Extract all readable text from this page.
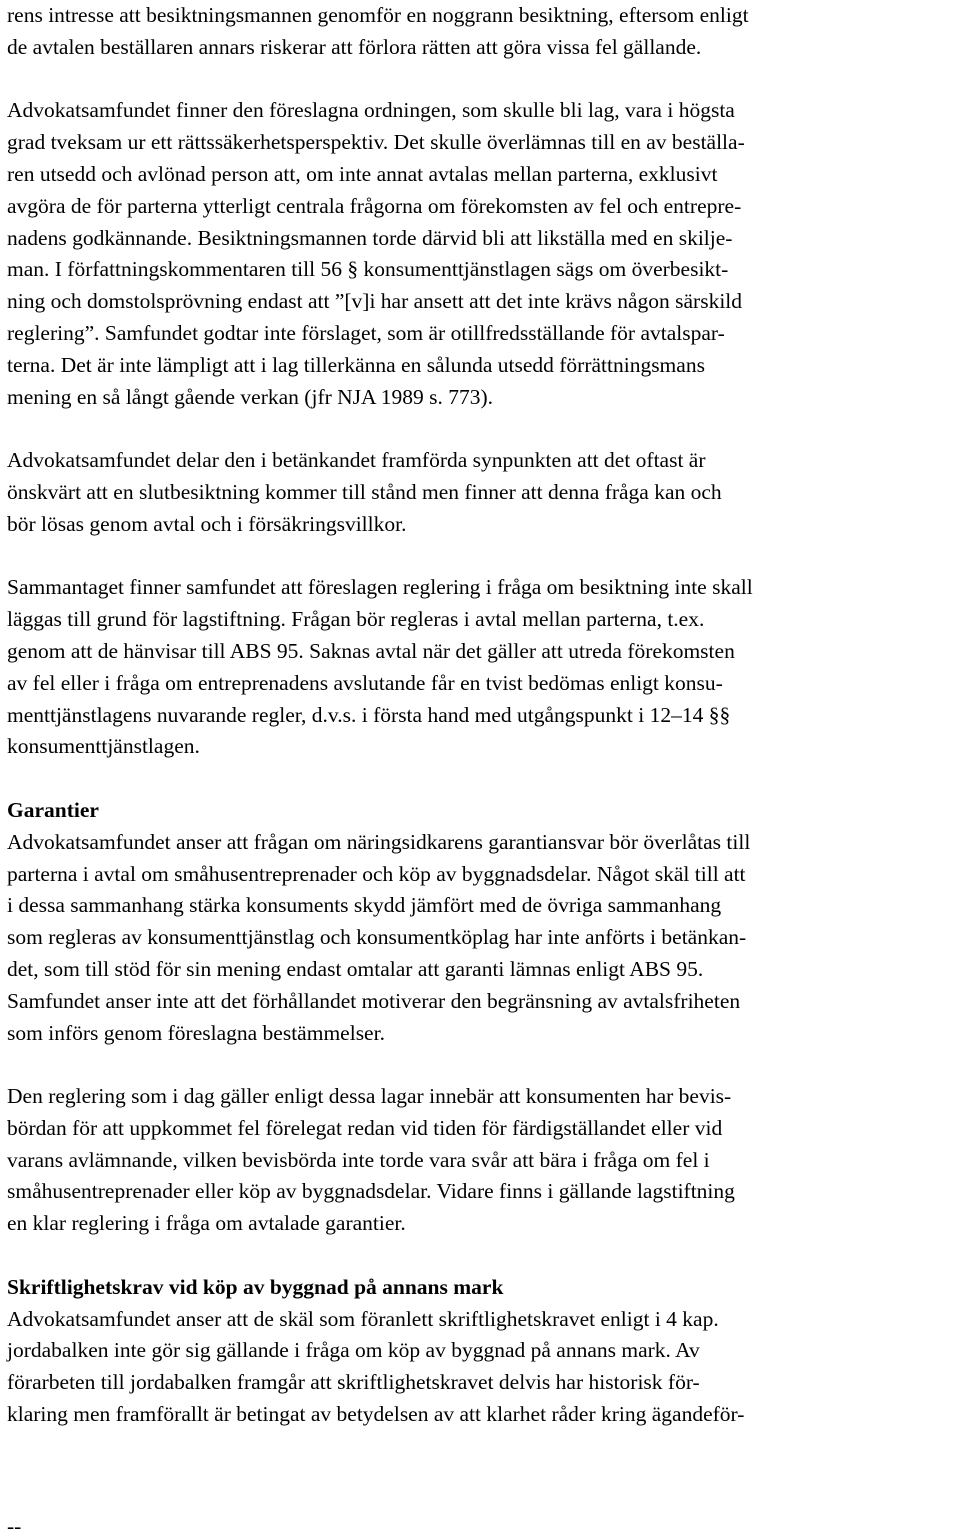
rens intresse att besiktningsmannen genomför en noggrann besiktning, eftersom enligt
de avtalen beställaren annars riskerar att förlora rätten att göra vissa fel gällande.
Advokatsamfundet finner den föreslagna ordningen, som skulle bli lag, vara i högsta
grad tveksam ur ett rättssäkerhetsperspektiv. Det skulle överlämnas till en av beställa-
ren utsedd och avlönad person att, om inte annat avtalas mellan parterna, exklusivt
avgöra de för parterna ytterligt centrala frågorna om förekomsten av fel och entrepre-
nadens godkännande. Besiktningsmannen torde därvid bli att likställa med en skilje-
man. I författningskommentaren till 56 § konsumenttjänstlagen sägs om överbesikt-
ning och domstolsprövning endast att ”[v]i har ansett att det inte krävs någon särskild
reglering”. Samfundet godtar inte förslaget, som är otillfredsställande för avtalspar-
terna. Det är inte lämpligt att i lag tillerkänna en sålunda utsedd förrättningsmans
mening en så långt gående verkan (jfr NJA 1989 s. 773).
Advokatsamfundet delar den i betänkandet framförda synpunkten att det oftast är
önskvärt att en slutbesiktning kommer till stånd men finner att denna fråga kan och
bör lösas genom avtal och i försäkringsvillkor.
Sammantaget finner samfundet att föreslagen reglering i fråga om besiktning inte skall
läggas till grund för lagstiftning. Frågan bör regleras i avtal mellan parterna, t.ex.
genom att de hänvisar till ABS 95. Saknas avtal när det gäller att utreda förekomsten
av fel eller i fråga om entreprenadens avslutande får en tvist bedömas enligt konsu-
menttjänstlagens nuvarande regler, d.v.s. i första hand med utgångspunkt i 12–14 §§
konsumenttjänstlagen.
Garantier
Advokatsamfundet anser att frågan om näringsidkarens garantiansvar bör överlåtas till
parterna i avtal om småhusentreprenader och köp av byggnadsdelar. Något skäl till att
i dessa sammanhang stärka konsuments skydd jämfört med de övriga sammanhang
som regleras av konsumenttjänstlag och konsumentköplag har inte anförts i betänkan-
det, som till stöd för sin mening endast omtalar att garanti lämnas enligt ABS 95.
Samfundet anser inte att det förhållandet motiverar den begränsning av avtalsfriheten
som införs genom föreslagna bestämmelser.
Den reglering som i dag gäller enligt dessa lagar innebär att konsumenten har bevis-
bördan för att uppkommet fel förelegat redan vid tiden för färdigställandet eller vid
varans avlämnande, vilken bevisbörda inte torde vara svår att bära i fråga om fel i
småhusentreprenader eller köp av byggnadsdelar. Vidare finns i gällande lagstiftning
en klar reglering i fråga om avtalade garantier.
Skriftlighetskrav vid köp av byggnad på annans mark
Advokatsamfundet anser att de skäl som föranlett skriftlighetskravet enligt i 4 kap.
jordabalken inte gör sig gällande i fråga om köp av byggnad på annans mark. Av
förarbeten till jordabalken framgår att skriftlighetskravet delvis har historisk för-
klaring men framförallt är betingat av betydelsen av att klarhet råder kring ägandeför-
--
